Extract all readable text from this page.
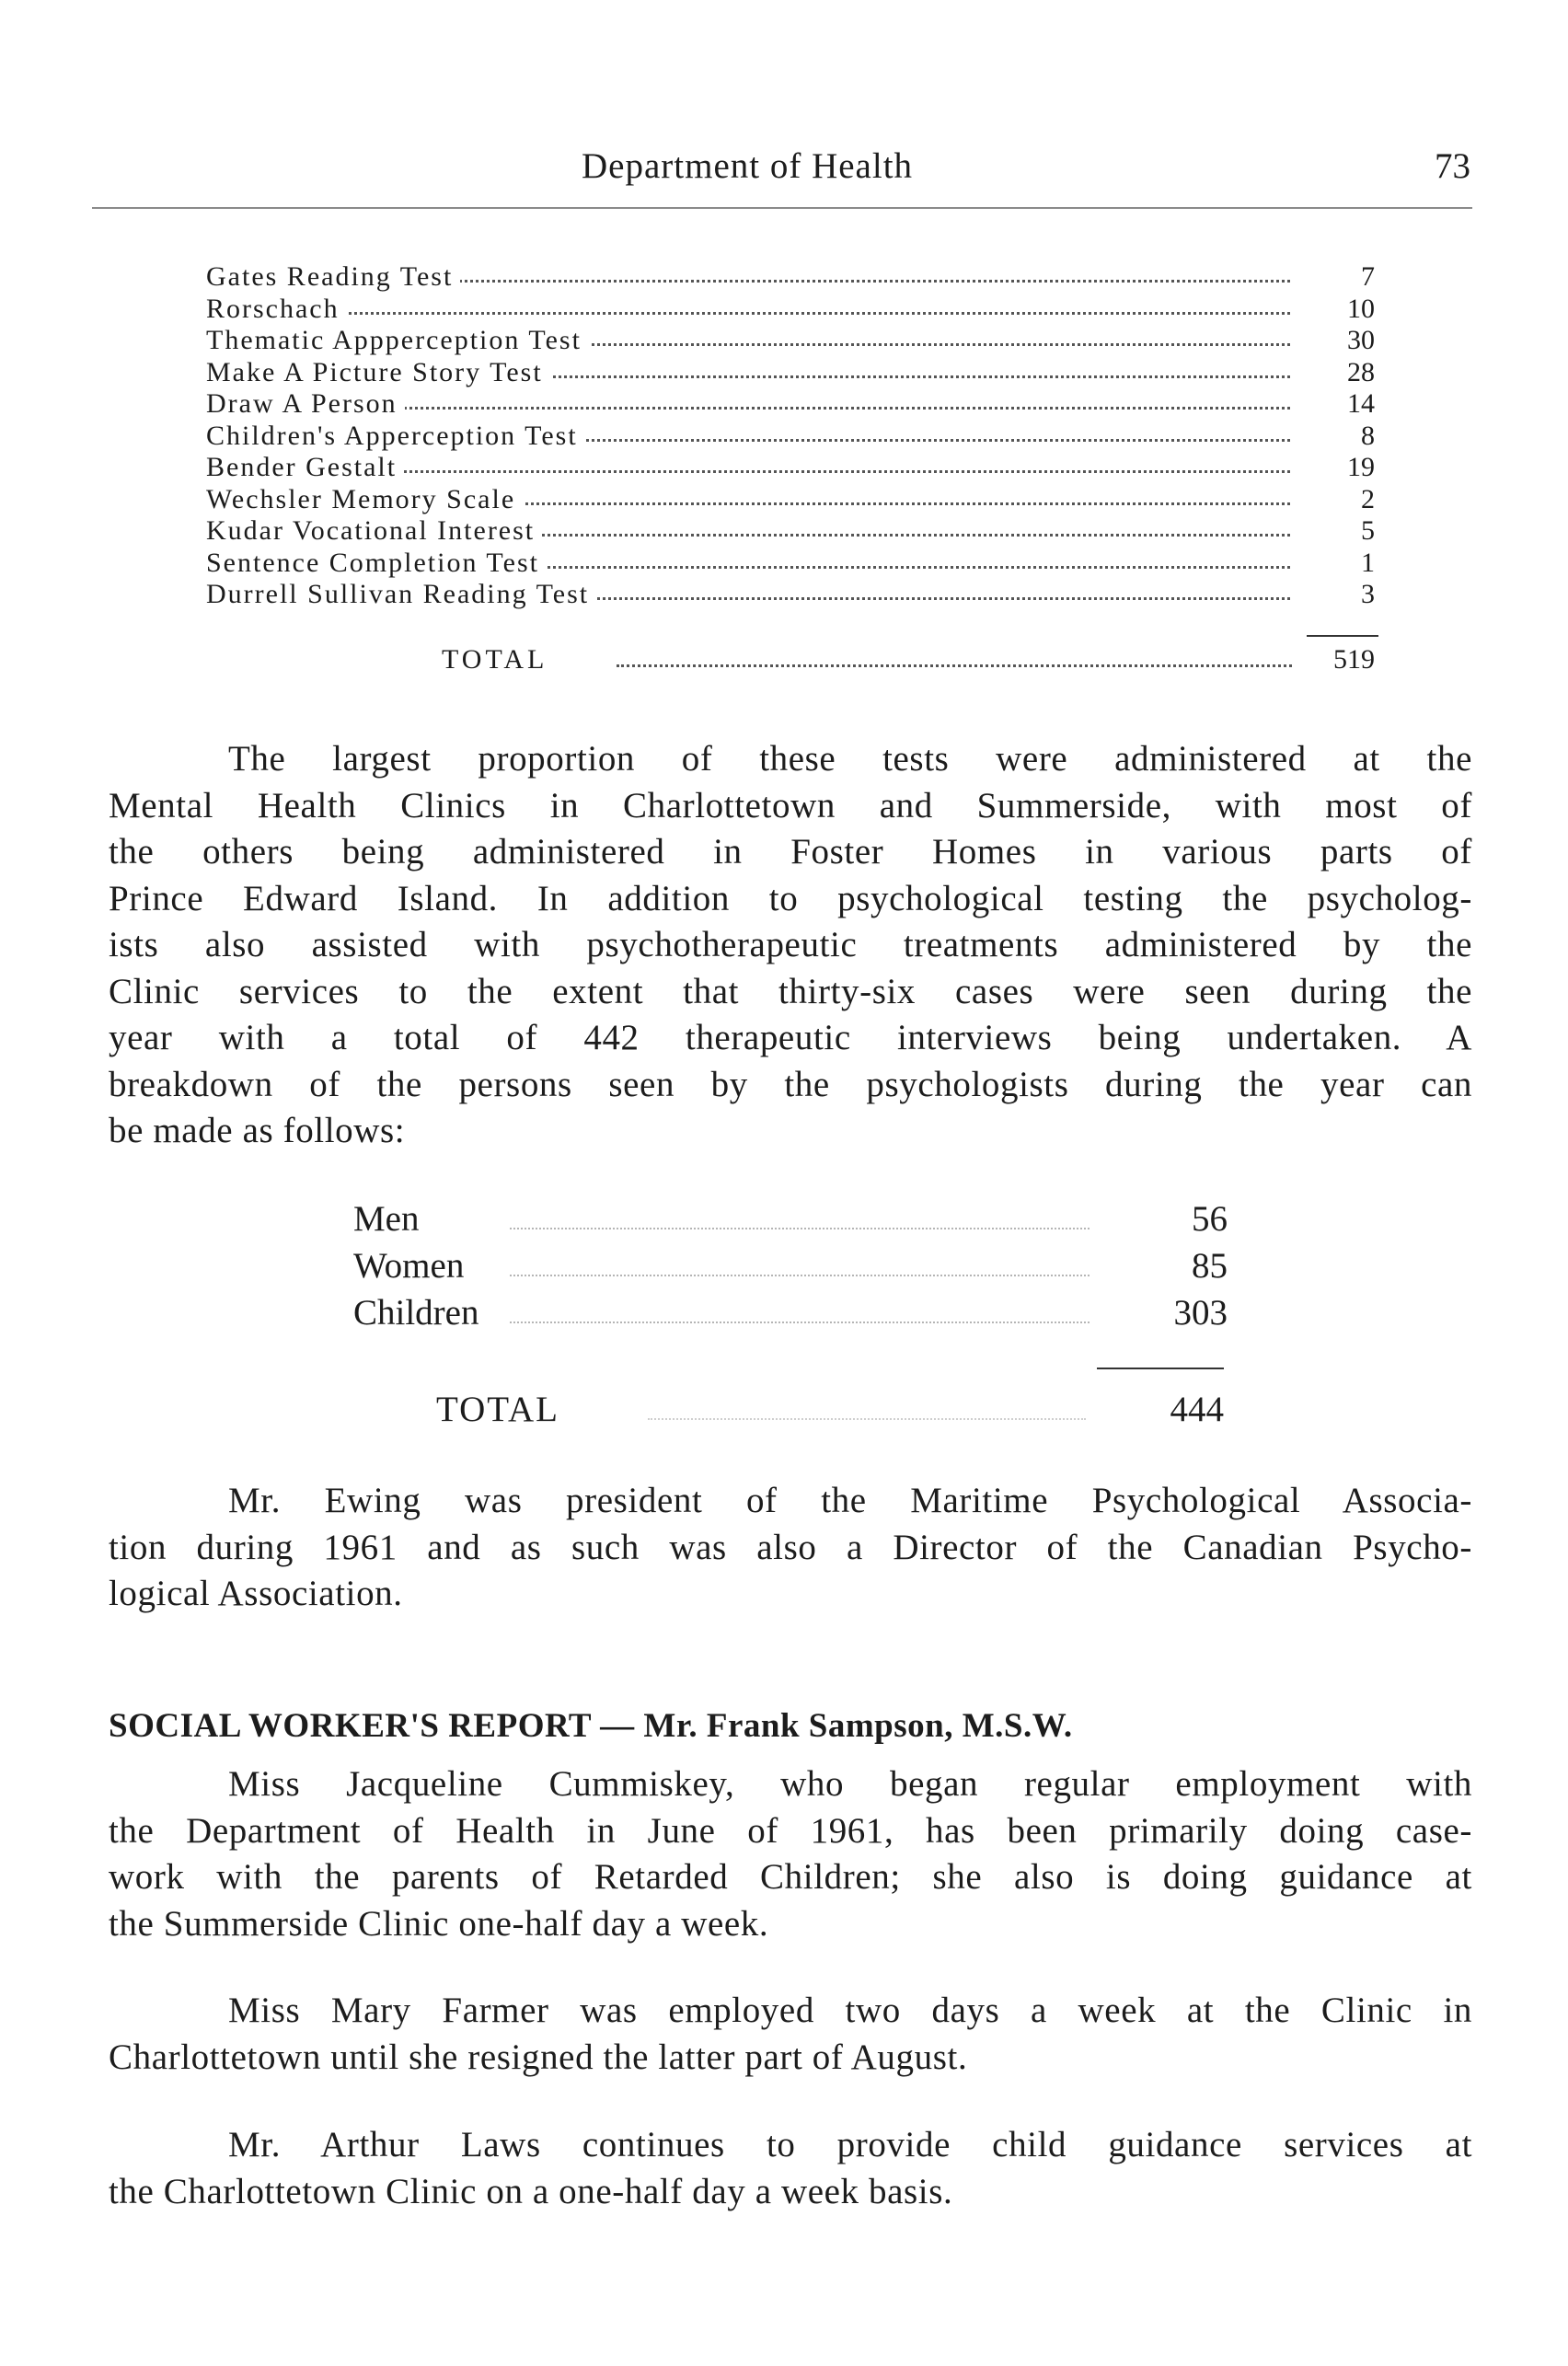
Department of Health	73
Gates Reading Test	7
Rorschach	10
Thematic Appperception Test	30
Make A Picture Story Test	28
Draw A Person	14
Children's Apperception Test	8
Bender Gestalt	19
Wechsler Memory Scale	2
Kudar Vocational Interest	5
Sentence Completion Test	1
Durrell Sullivan Reading Test	3
TOTAL	519
The largest proportion of these tests were administered at the
Mental Health Clinics in Charlottetown and Summerside, with most of
the others being administered in Foster Homes in various parts of
Prince Edward Island. In addition to psychological testing the psycholog-
ists also assisted with psychotherapeutic treatments administered by the
Clinic services to the extent that thirty-six cases were seen during the
year with a total of 442 therapeutic interviews being undertaken. A
breakdown of the persons seen by the psychologists during the year can
be made as follows:
Men	56
Women	85
Children	303
TOTAL	444
Mr. Ewing was president of the Maritime Psychological Associa-
tion during 1961 and as such was also a Director of the Canadian Psycho-
logical Association.
SOCIAL WORKER'S REPORT — Mr. Frank Sampson, M.S.W.
Miss Jacqueline Cummiskey, who began regular employment with
the Department of Health in June of 1961, has been primarily doing case-
work with the parents of Retarded Children; she also is doing guidance at
the Summerside Clinic one-half day a week.
Miss Mary Farmer was employed two days a week at the Clinic in
Charlottetown until she resigned the latter part of August.
Mr. Arthur Laws continues to provide child guidance services at
the Charlottetown Clinic on a one-half day a week basis.
